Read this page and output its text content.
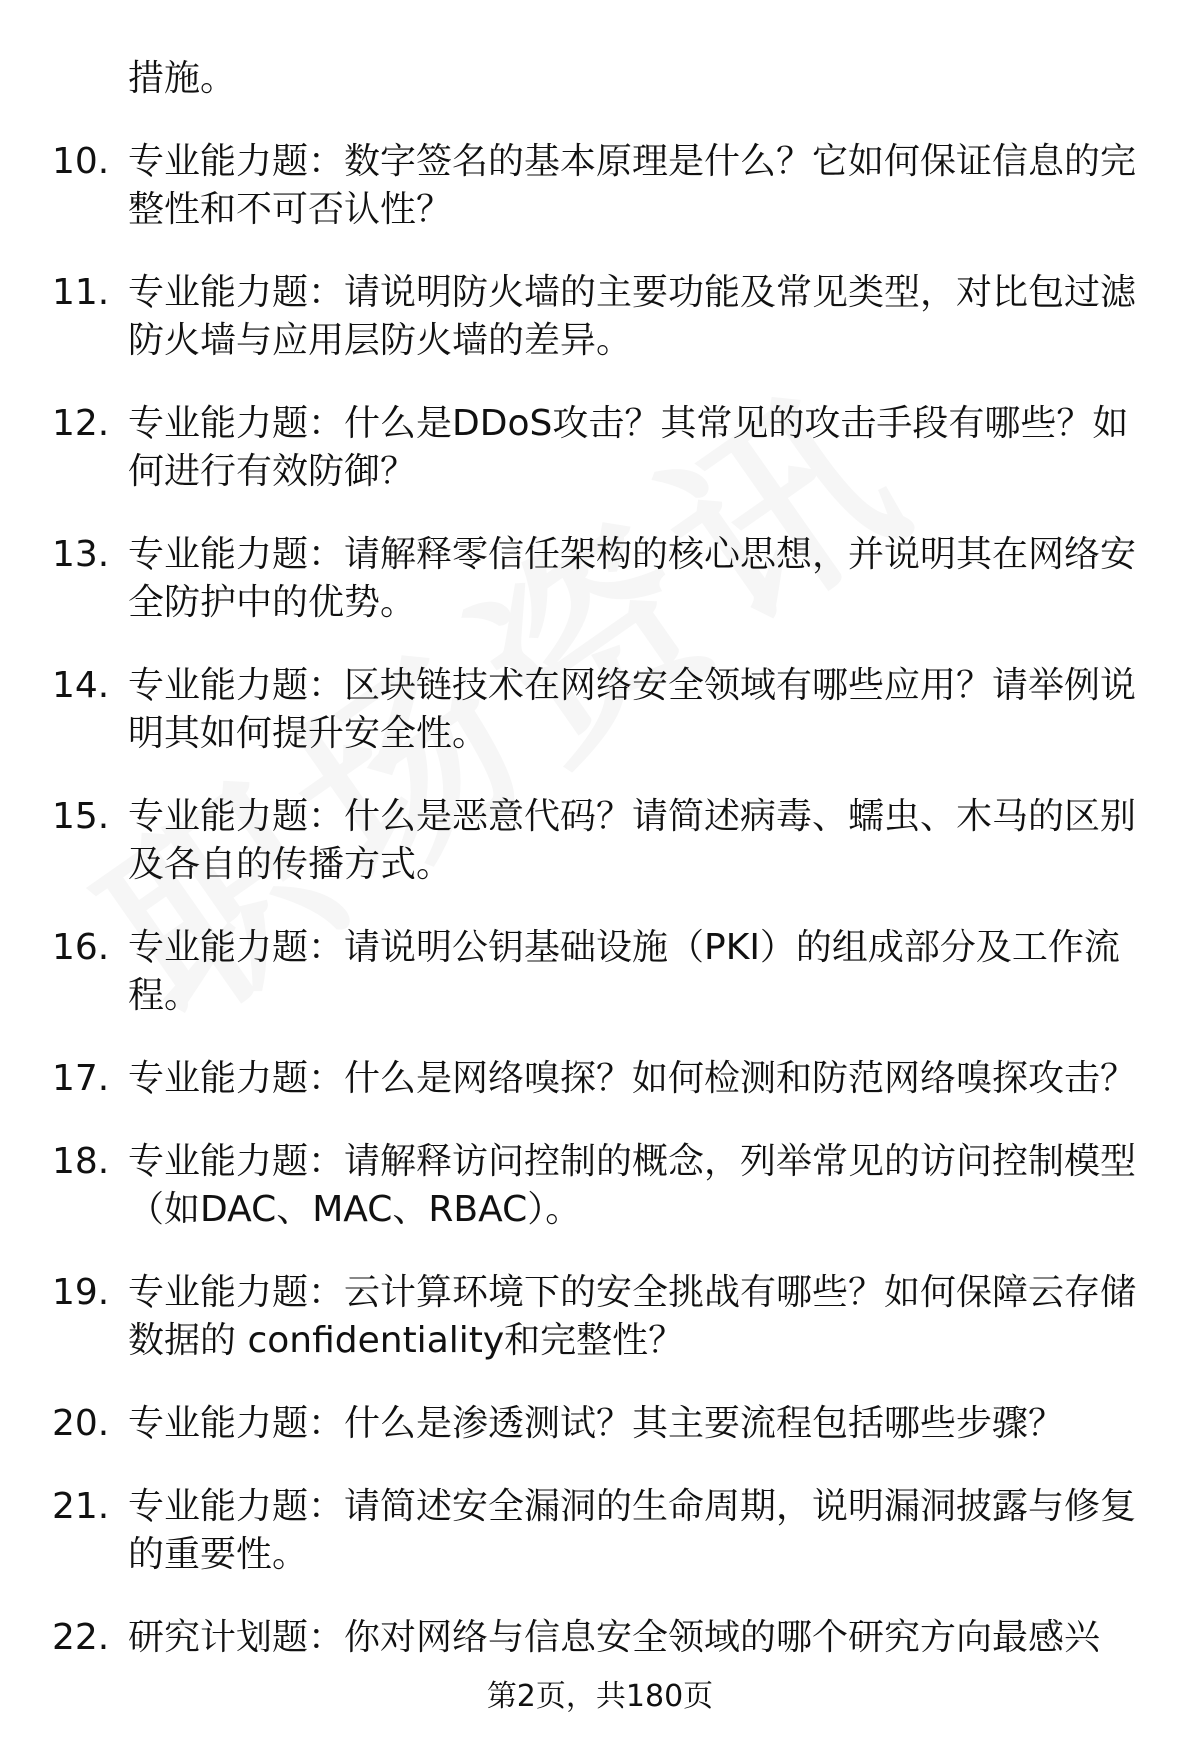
措施。
10. 专业能力题：数字签名的基本原理是什么？它如何保证信息的完整性和不可否认性？
11. 专业能力题：请说明防火墙的主要功能及常见类型，对比包过滤防火墙与应用层防火墙的差异。
12. 专业能力题：什么是DDoS攻击？其常见的攻击手段有哪些？如何进行有效防御？
13. 专业能力题：请解释零信任架构的核心思想，并说明其在网络安全防护中的优势。
14. 专业能力题：区块链技术在网络安全领域有哪些应用？请举例说明其如何提升安全性。
15. 专业能力题：什么是恶意代码？请简述病毒、蠕虫、木马的区别及各自的传播方式。
16. 专业能力题：请说明公钥基础设施（PKI）的组成部分及工作流程。
17. 专业能力题：什么是网络嗅探？如何检测和防范网络嗅探攻击？
18. 专业能力题：请解释访问控制的概念，列举常见的访问控制模型（如DAC、MAC、RBAC）。
19. 专业能力题：云计算环境下的安全挑战有哪些？如何保障云存储数据的 confidentiality和完整性？
20. 专业能力题：什么是渗透测试？其主要流程包括哪些步骤？
21. 专业能力题：请简述安全漏洞的生命周期，说明漏洞披露与修复的重要性。
22. 研究计划题：你对网络与信息安全领域的哪个研究方向最感兴
第2页，共180页
